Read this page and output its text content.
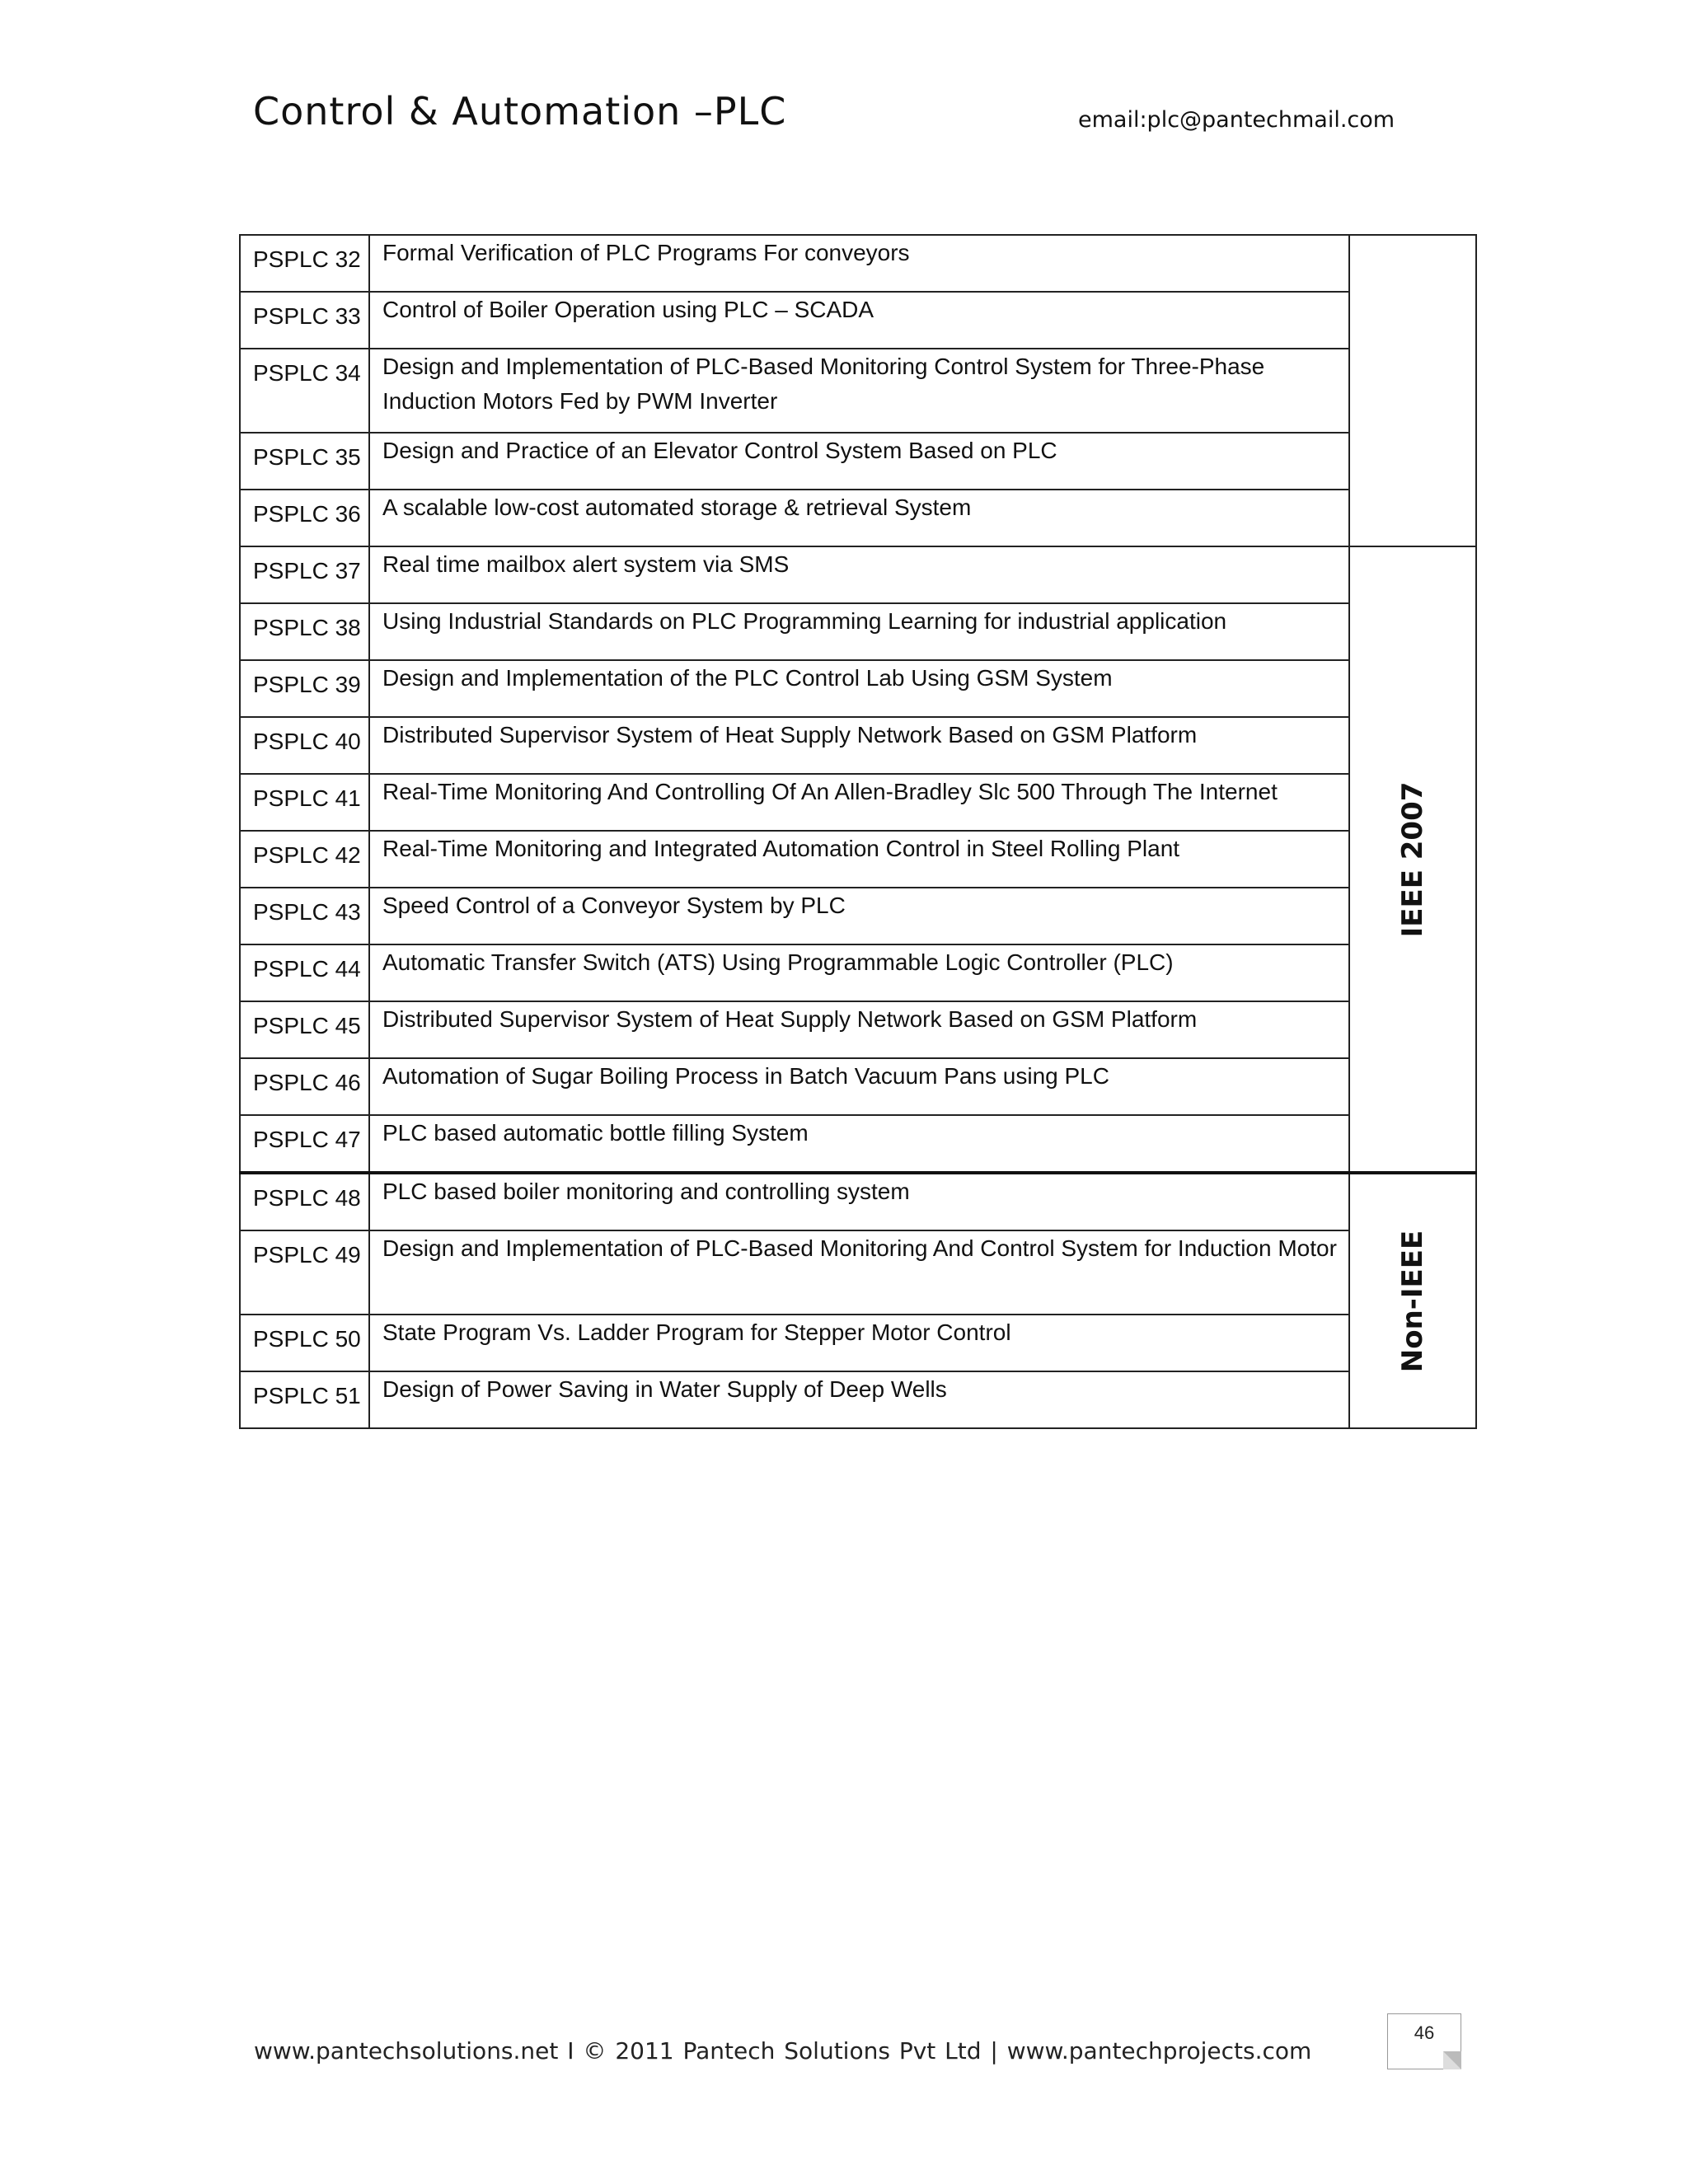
Control & Automation –PLC	email:plc@pantechmail.com
PSPLC 32	Formal Verification of PLC Programs For conveyors	
PSPLC 33	Control of Boiler Operation using PLC – SCADA	
PSPLC 34	Design and Implementation of PLC-Based Monitoring Control System for Three-Phase Induction Motors Fed by PWM Inverter	
PSPLC 35	Design and Practice of an Elevator Control System Based on PLC	
PSPLC 36	A scalable low-cost automated storage & retrieval System	
PSPLC 37	Real time mailbox alert system via SMS	IEEE 2007

PSPLC 38	Using Industrial Standards on PLC Programming Learning for industrial application	
PSPLC 39	Design and Implementation of the PLC Control Lab Using GSM System	
PSPLC 40	Distributed Supervisor System of Heat Supply Network Based on GSM Platform	
PSPLC 41	Real-Time Monitoring And Controlling Of An Allen-Bradley Slc 500 Through The Internet	
PSPLC 42	Real-Time Monitoring and Integrated Automation Control in Steel Rolling Plant	
PSPLC 43	Speed Control of a Conveyor System by PLC	
PSPLC 44	Automatic Transfer Switch (ATS) Using Programmable Logic Controller (PLC)	
PSPLC 45	Distributed Supervisor System of Heat Supply Network Based on GSM Platform	
PSPLC 46	Automation of Sugar Boiling Process in Batch Vacuum Pans using PLC	
PSPLC 47	PLC based automatic bottle filling System	
PSPLC 48	PLC based boiler monitoring and controlling system	Non-IEEE

PSPLC 49	Design and Implementation of PLC-Based Monitoring And Control System for Induction Motor	
PSPLC 50	State Program Vs. Ladder Program for Stepper Motor Control	
PSPLC 51	Design of Power Saving in Water Supply of Deep Wells	
www.pantechsolutions.net I © 2011 Pantech Solutions Pvt Ltd | www.pantechprojects.com
46
